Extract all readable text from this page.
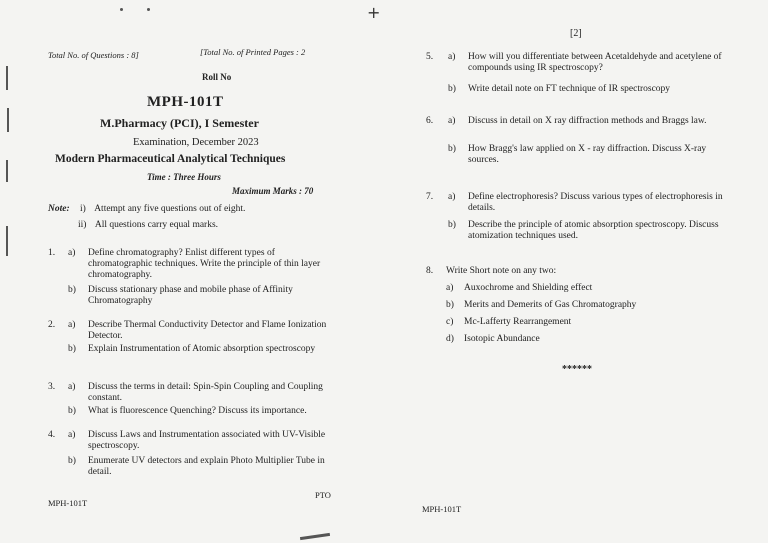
+
Total No. of Questions : 8]	[Total No. of Printed Pages : 2
Roll No
MPH-101T
M.Pharmacy (PCI), I Semester
Examination, December 2023
Modern Pharmaceutical Analytical Techniques
Time : Three Hours
Maximum Marks : 70
Note: i) Attempt any five questions out of eight.
ii) All questions carry equal marks.
1. a) Define chromatography? Enlist different types of chromatographic techniques. Write the principle of thin layer chromatography.
b) Discuss stationary phase and mobile phase of Affinity Chromatography
2. a) Describe Thermal Conductivity Detector and Flame Ionization Detector.
b) Explain Instrumentation of Atomic absorption spectroscopy
3. a) Discuss the terms in detail: Spin-Spin Coupling and Coupling constant.
b) What is fluorescence Quenching? Discuss its importance.
4. a) Discuss Laws and Instrumentation associated with UV-Visible spectroscopy.
b) Enumerate UV detectors and explain Photo Multiplier Tube in detail.
PTO
MPH-101T
[2]
5. a) How will you differentiate between Acetaldehyde and acetylene of compounds using IR spectroscopy?
b) Write detail note on FT technique of IR spectroscopy
6. a) Discuss in detail on X ray diffraction methods and Braggs law.
b) How Bragg's law applied on X - ray diffraction. Discuss X-ray sources.
7. a) Define electrophoresis? Discuss various types of electrophoresis in details.
b) Describe the principle of atomic absorption spectroscopy. Discuss atomization techniques used.
8. Write Short note on any two:
a) Auxochrome and Shielding effect
b) Merits and Demerits of Gas Chromatography
c) Mc-Lafferty Rearrangement
d) Isotopic Abundance
******
MPH-101T
